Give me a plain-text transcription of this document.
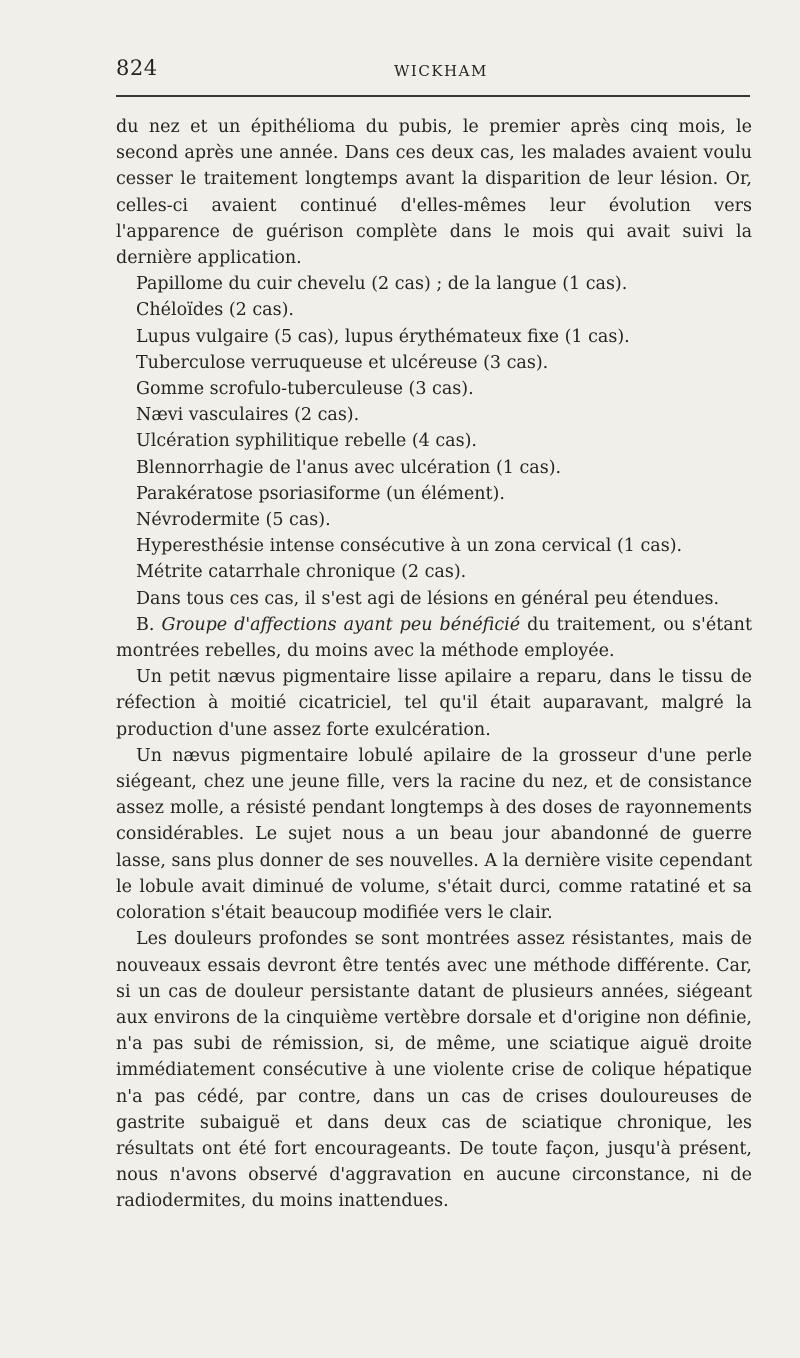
824	WICKHAM

du nez et un épithélioma du pubis, le premier après cinq mois, le second après une année. Dans ces deux cas, les malades avaient voulu cesser le traitement longtemps avant la disparition de leur lésion. Or, celles-ci avaient continué d'elles-mêmes leur évolution vers l'apparence de guérison complète dans le mois qui avait suivi la dernière application.

Papillome du cuir chevelu (2 cas) ; de la langue (1 cas).

Chéloïdes (2 cas).

Lupus vulgaire (5 cas), lupus érythémateux fixe (1 cas).

Tuberculose verruqueuse et ulcéreuse (3 cas).

Gomme scrofulo-tuberculeuse (3 cas).

Nævi vasculaires (2 cas).

Ulcération syphilitique rebelle (4 cas).

Blennorrhagie de l'anus avec ulcération (1 cas).

Parakératose psoriasiforme (un élément).

Névrodermite (5 cas).

Hyperesthésie intense consécutive à un zona cervical (1 cas).

Métrite catarrhale chronique (2 cas).

Dans tous ces cas, il s'est agi de lésions en général peu étendues.

B. Groupe d'affections ayant peu bénéficié du traitement, ou s'étant montrées rebelles, du moins avec la méthode employée.

Un petit nævus pigmentaire lisse apilaire a reparu, dans le tissu de réfection à moitié cicatriciel, tel qu'il était auparavant, malgré la production d'une assez forte exulcération.

Un nævus pigmentaire lobulé apilaire de la grosseur d'une perle siégeant, chez une jeune fille, vers la racine du nez, et de consistance assez molle, a résisté pendant longtemps à des doses de rayonnements considérables. Le sujet nous a un beau jour abandonné de guerre lasse, sans plus donner de ses nouvelles. A la dernière visite cependant le lobule avait diminué de volume, s'était durci, comme ratatiné et sa coloration s'était beaucoup modifiée vers le clair.

Les douleurs profondes se sont montrées assez résistantes, mais de nouveaux essais devront être tentés avec une méthode différente. Car, si un cas de douleur persistante datant de plusieurs années, siégeant aux environs de la cinquième vertèbre dorsale et d'origine non définie, n'a pas subi de rémission, si, de même, une sciatique aiguë droite immédiatement consécutive à une violente crise de colique hépatique n'a pas cédé, par contre, dans un cas de crises douloureuses de gastrite subaiguë et dans deux cas de sciatique chronique, les résultats ont été fort encourageants. De toute façon, jusqu'à présent, nous n'avons observé d'aggravation en aucune circonstance, ni de radiodermites, du moins inattendues.
